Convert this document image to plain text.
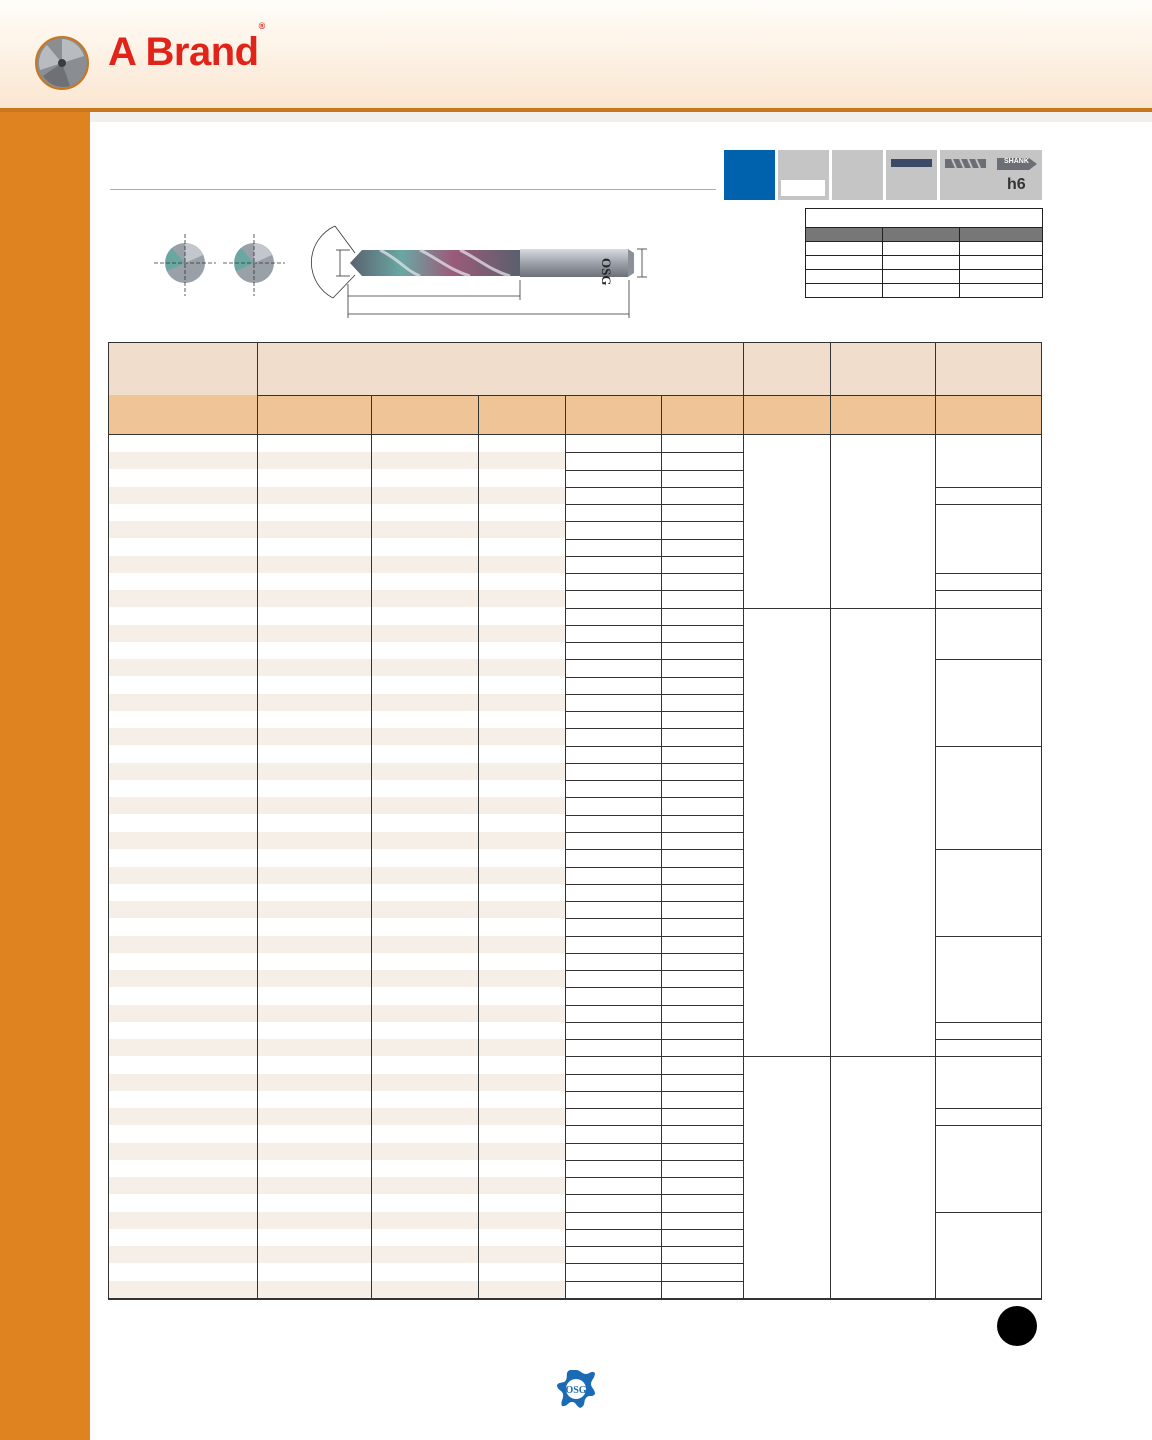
A Brand®
SHANK
h6

OSG
OSG
